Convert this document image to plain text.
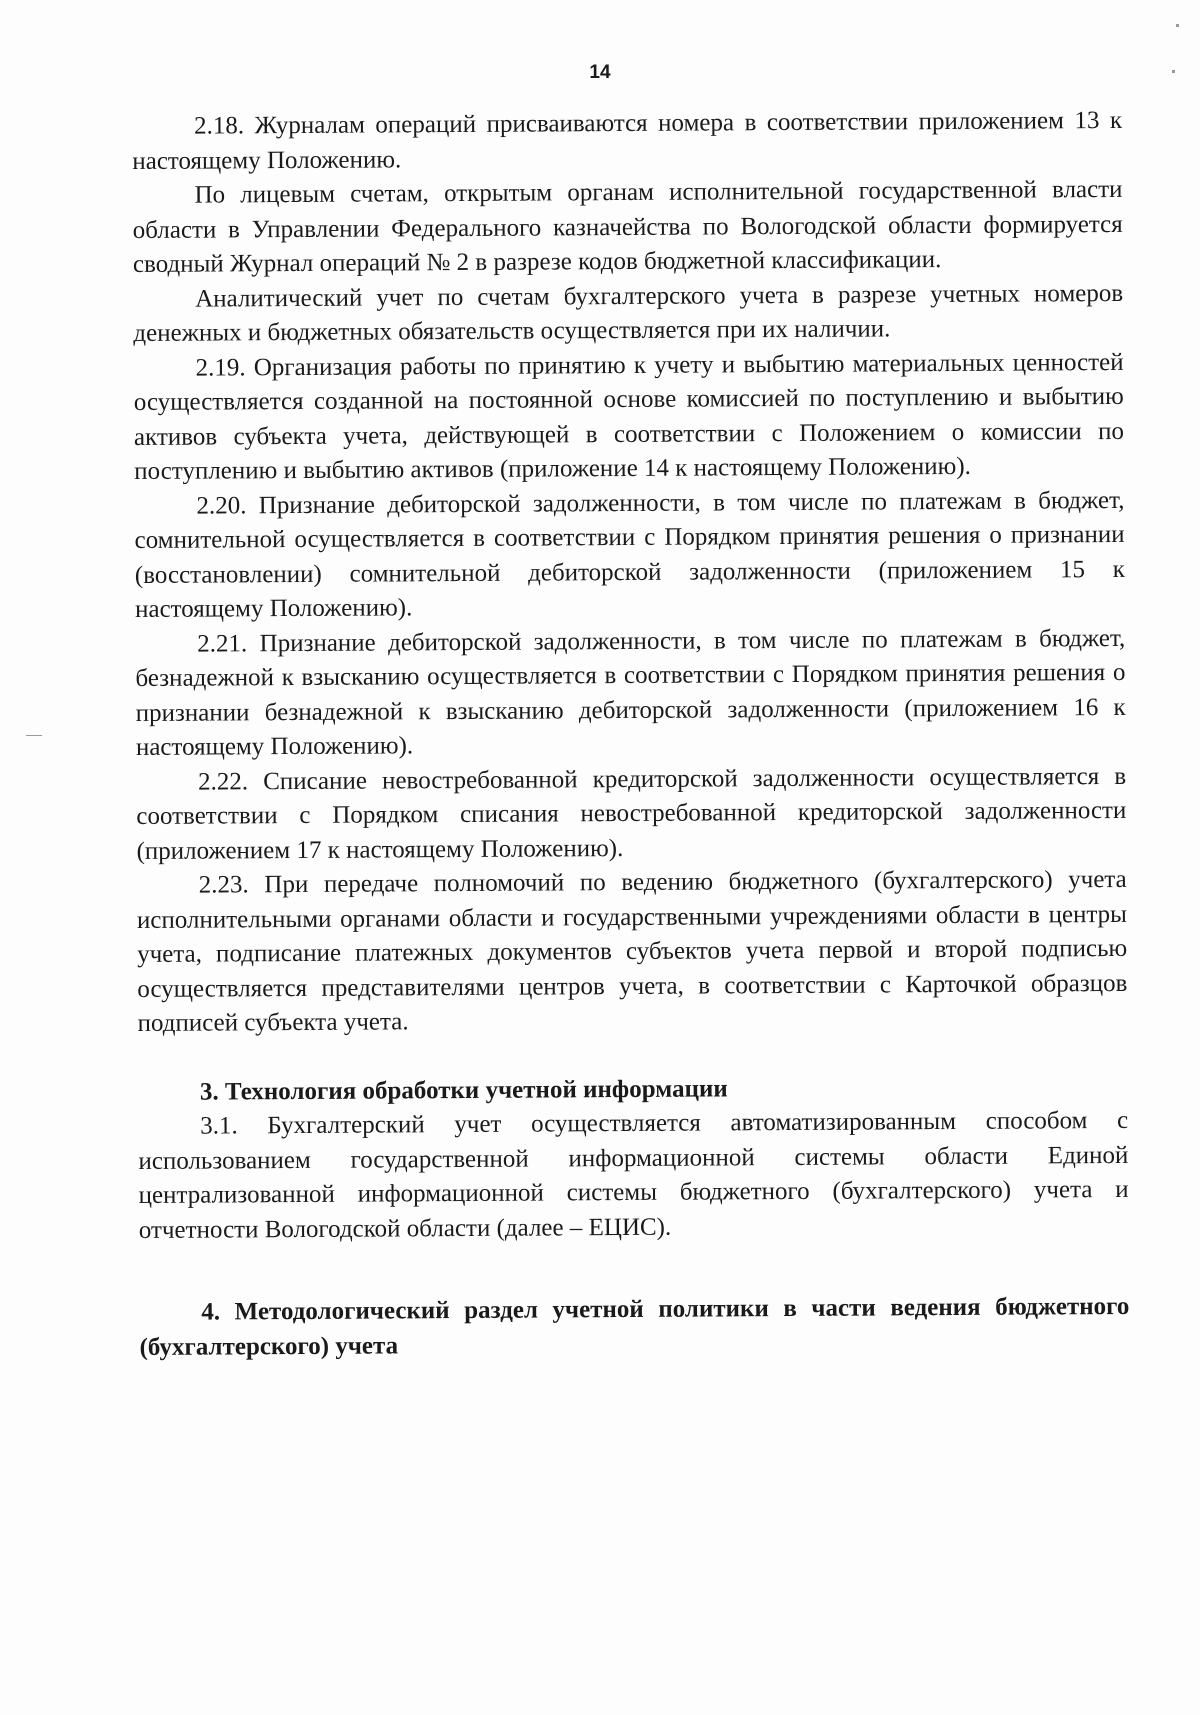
14

2.18. Журналам операций присваиваются номера в соответствии приложением 13 к настоящему Положению.

По лицевым счетам, открытым органам исполнительной государственной власти области в Управлении Федерального казначейства по Вологодской области формируется сводный Журнал операций № 2 в разрезе кодов бюджетной классификации.

Аналитический учет по счетам бухгалтерского учета в разрезе учетных номеров денежных и бюджетных обязательств осуществляется при их наличии.

2.19. Организация работы по принятию к учету и выбытию материальных ценностей осуществляется созданной на постоянной основе комиссией по поступлению и выбытию активов субъекта учета, действующей в соответствии с Положением о комиссии по поступлению и выбытию активов (приложение 14 к настоящему Положению).

2.20. Признание дебиторской задолженности, в том числе по платежам в бюджет, сомнительной осуществляется в соответствии с Порядком принятия решения о признании (восстановлении) сомнительной дебиторской задолженности (приложением 15 к настоящему Положению).

2.21. Признание дебиторской задолженности, в том числе по платежам в бюджет, безнадежной к взысканию осуществляется в соответствии с Порядком принятия решения о признании безнадежной к взысканию дебиторской задолженности (приложением 16 к настоящему Положению).

2.22. Списание невостребованной кредиторской задолженности осуществляется в соответствии с Порядком списания невостребованной кредиторской задолженности (приложением 17 к настоящему Положению).

2.23. При передаче полномочий по ведению бюджетного (бухгалтерского) учета исполнительными органами области и государственными учреждениями области в центры учета, подписание платежных документов субъектов учета первой и второй подписью осуществляется представителями центров учета, в соответствии с Карточкой образцов подписей субъекта учета.

3. Технология обработки учетной информации

3.1. Бухгалтерский учет осуществляется автоматизированным способом с использованием государственной информационной системы области Единой централизованной информационной системы бюджетного (бухгалтерского) учета и отчетности Вологодской области (далее – ЕЦИС).

4. Методологический раздел учетной политики в части ведения бюджетного (бухгалтерского) учета
